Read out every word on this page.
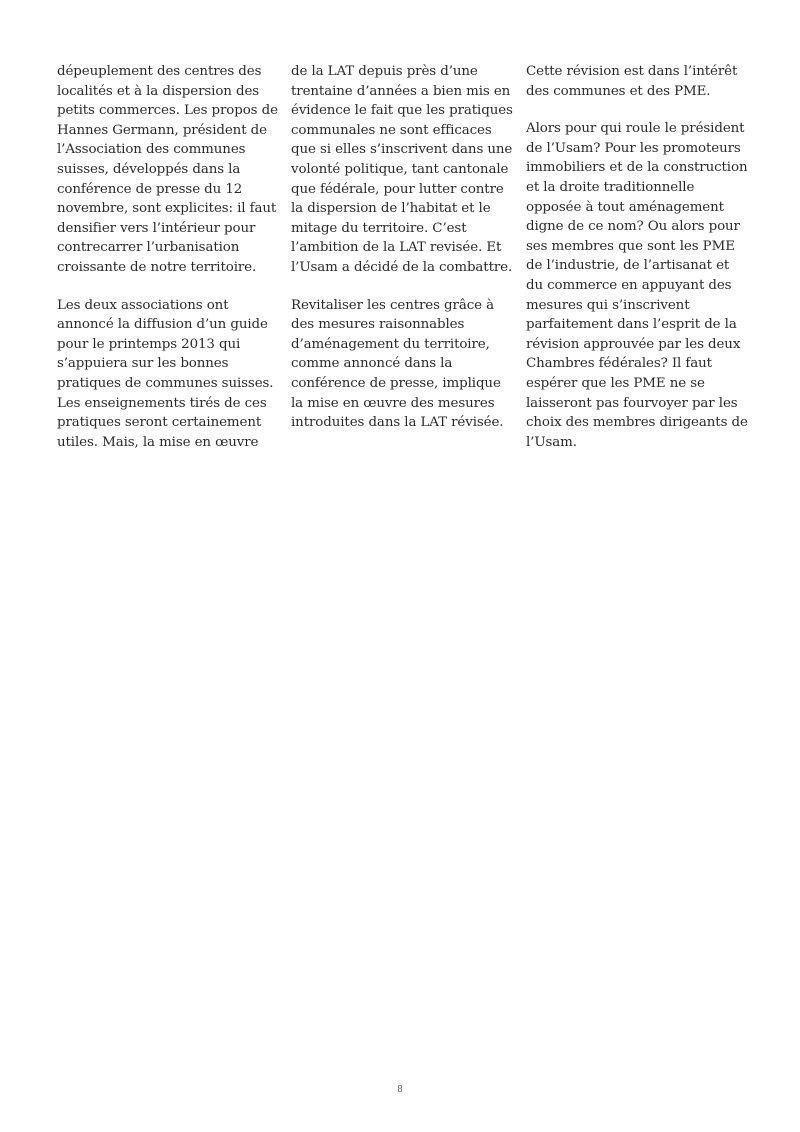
dépeuplement des centres des localités et à la dispersion des petits commerces. Les propos de Hannes Germann, président de l’Association des communes suisses, développés dans la conférence de presse du 12 novembre, sont explicites: il faut densifier vers l’intérieur pour contrecarrer l’urbanisation croissante de notre territoire.

Les deux associations ont annoncé la diffusion d’un guide pour le printemps 2013 qui s’appuiera sur les bonnes pratiques de communes suisses. Les enseignements tirés de ces pratiques seront certainement utiles. Mais, la mise en œuvre

de la LAT depuis près d’une trentaine d’années a bien mis en évidence le fait que les pratiques communales ne sont efficaces que si elles s’inscrivent dans une volonté politique, tant cantonale que fédérale, pour lutter contre la dispersion de l’habitat et le mitage du territoire. C’est l’ambition de la LAT revisée. Et l’Usam a décidé de la combattre.

Revitaliser les centres grâce à des mesures raisonnables d’aménagement du territoire, comme annoncé dans la conférence de presse, implique la mise en œuvre des mesures introduites dans la LAT révisée.

Cette révision est dans l’intérêt des communes et des PME.

Alors pour qui roule le président de l’Usam? Pour les promoteurs immobiliers et de la construction et la droite traditionnelle opposée à tout aménagement digne de ce nom? Ou alors pour ses membres que sont les PME de l’industrie, de l’artisanat et du commerce en appuyant des mesures qui s’inscrivent parfaitement dans l’esprit de la révision approuvée par les deux Chambres fédérales? Il faut espérer que les PME ne se laisseront pas fourvoyer par les choix des membres dirigeants de l’Usam.

8
